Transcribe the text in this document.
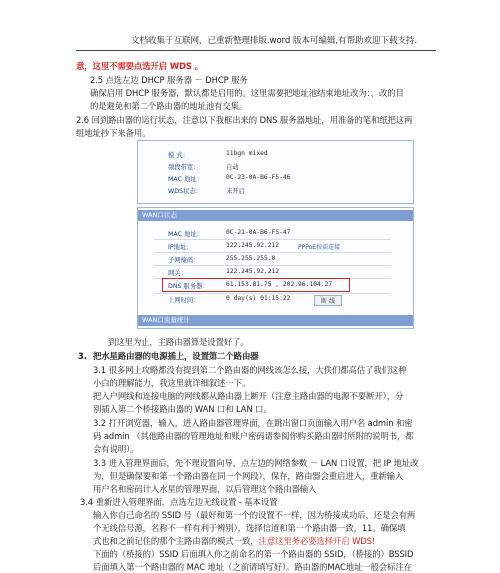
文档收集于互联网，已重新整理排版.word 版本可编辑,有帮助欢迎下载支持.
意，这里不需要点选开启 WDS 。
2.5 点选左边 DHCP 服务器 － DHCP 服务
确保启用 DHCP 服务器，默认都是启用的。这里需要把地址池结束地址改为：，改的目
的是避免和第二个路由器的地址池有交集。
2.6 回到路由器的运行状态，注意以下我框出来的 DNS 服务器地址，用准备的笔和纸把这两
组地址抄下来备用。
模 式：	11bgn mixed
频段带宽：	自动
MAC 地址：	0C-23-0A-B6-F5-46
WDS状态：	未开启
WAN口状态
MAC 地址：	0C-21-0A-B6-F5-47
IP地址：	122.245.92.212	PPPoE按需连接
子网掩码：	255.255.255.0
网关：	122.245.92.212
DNS 服务器：	61.153.81.75 , 202.96.104.27
上网时间：	0 day(s) 01:15:22	断 线
WAN口流量统计
到这里为止，主路由器算是设置好了。
3. 把水星路由器的电源插上，设置第二个路由器
3.1 很多网上攻略都没有提到第二个路由器的网线该怎么接，大佚们都高估了我们这种
小白的理解能力，我这里就详细叙述一下。
把入户网线和连接电脑的网线都从路由器上断开（注意主路由器的电源不要断开），分
别插入第二个桥接路由器的 WAN 口和 LAN 口。
3.2 打开浏览器，输入，进入路由器管理界面，在跳出窗口页面输入用户名 admin 和密
码 admin （其他路由器的管理地址和账户密码请参阅你购买路由器时所附的说明书，都
会有说明）。
3.3 进入管理界面后，先不理设置向导，点左边的网络参数 － LAN 口设置，把 IP 地址改
为，但是确保要和第一个路由器在同一个网段），保存，路由器会重启进入，重新输入
用户名和密码计入水星的管理界面，以后管理这个路由器输入
3.4 重新进入管理界面，点选左边无线设置 - 基本设置
输入你自己命名的 SSID 号（最好和第一个的设置不一样，因为桥接成功后，还是会有两
个无线信号源，名称不一样有利于辨别），选择信道和第一个路由器一致，11。确保填
式也和之前记住的那个主路由器的模式一致，注意这里务必要选择开启 WDS!
下面的（桥接的）SSID 后面填入你之前命名的第一个路由器的 SSID，（桥接的）BSSID
后面填入第一个路由器的 MAC 地址（之前请填写好）。路由器的MAC地址一般会标注在
